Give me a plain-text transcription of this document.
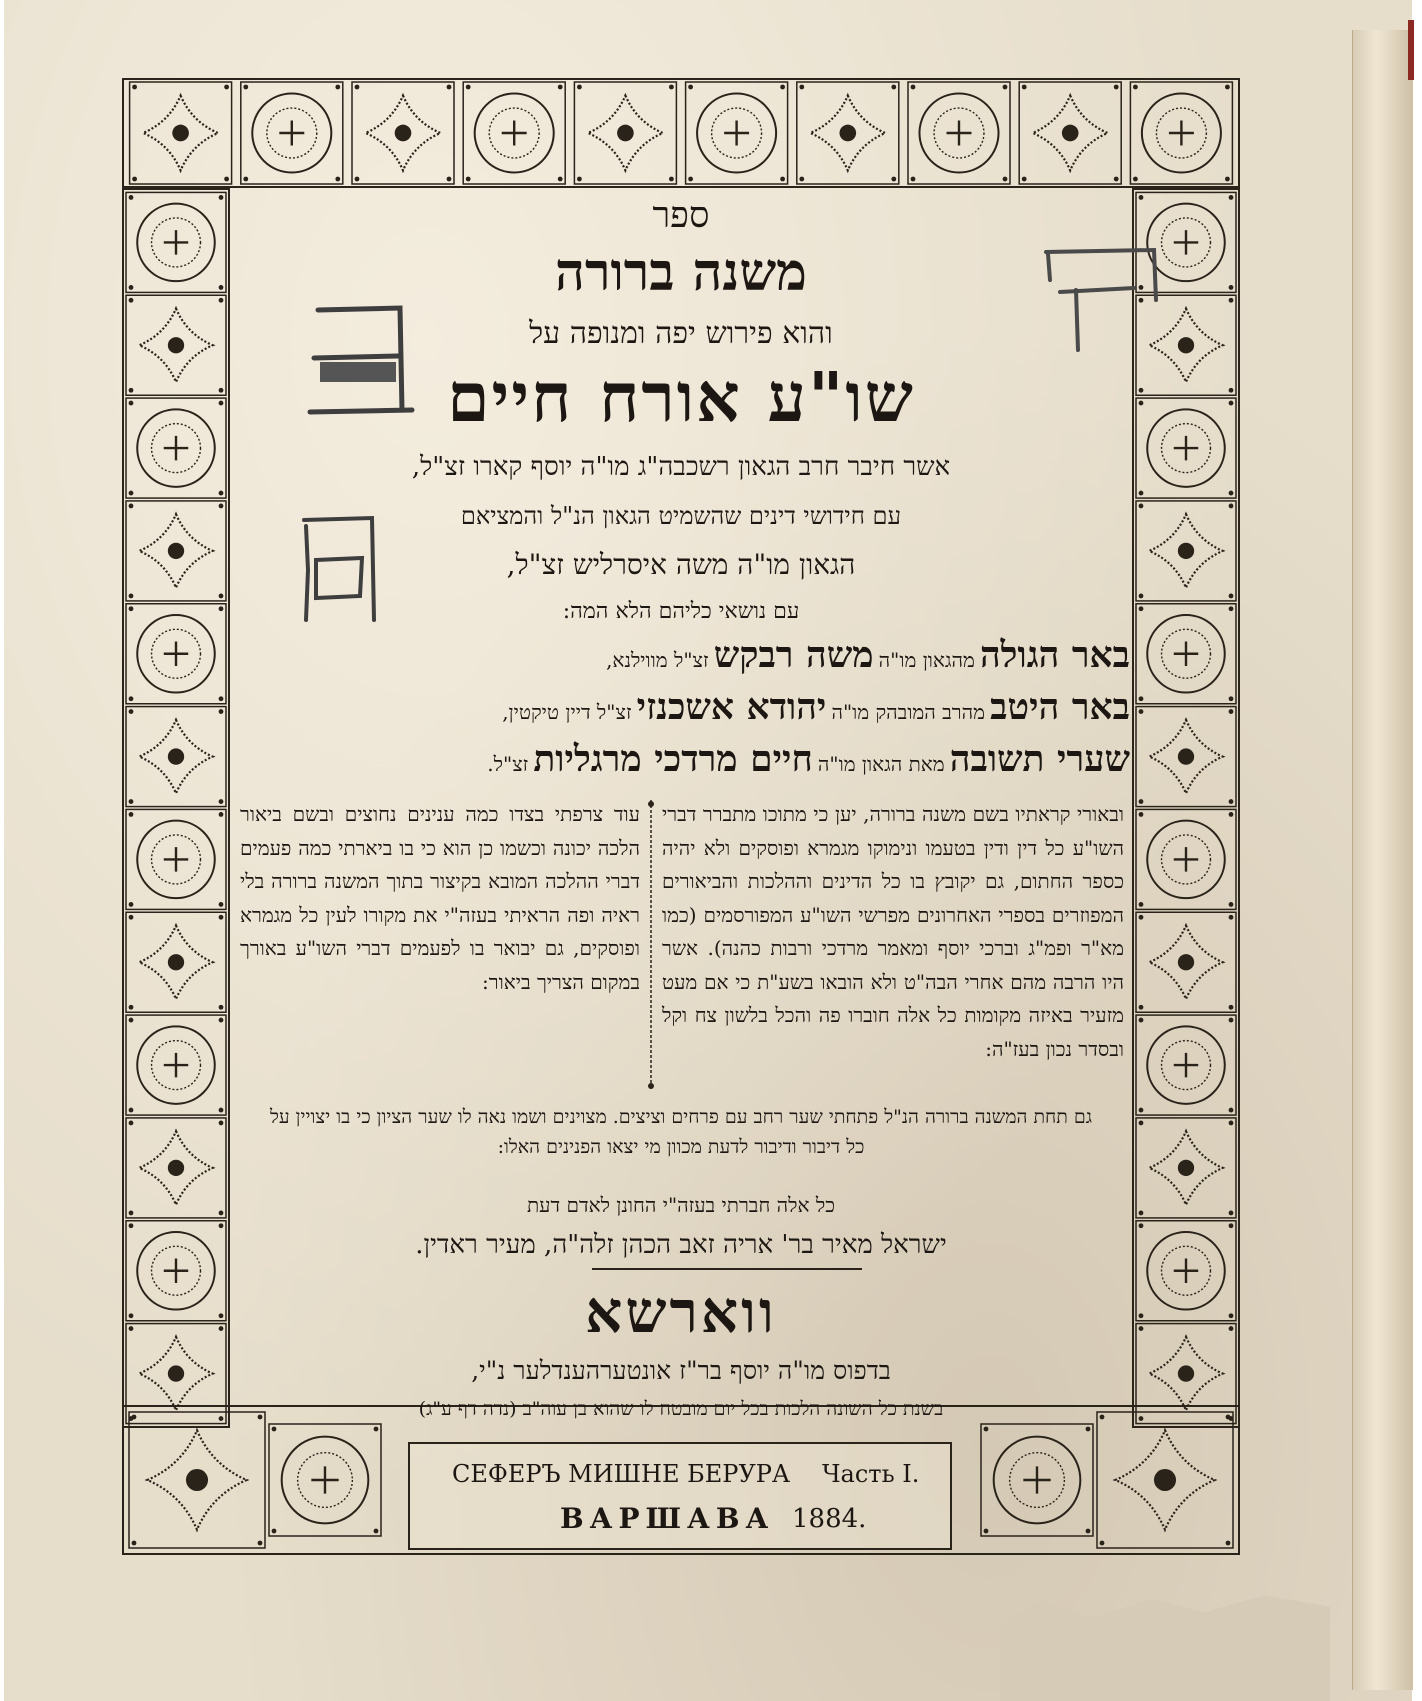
ספר
משנה ברורה
והוא פירוש יפה ומנופה על
שו"ע אורח חיים
אשר חיבר חרב הגאון רשכבה"ג מו"ה יוסף קארו זצ"ל,
עם חידושי דינים שהשמיט הגאון הנ"ל והמציאם
הגאון מו"ה משה איסרליש זצ"ל,
עם נושאי כליהם הלא המה:
באר הגולה מהגאון מו"ה משה רבקש זצ"ל מווילנא,
באר היטב מהרב המובהק מו"ה יהודא אשכנזי זצ"ל דיין טיקטין,
שערי תשובה מאת הגאון מו"ה חיים מרדכי מרגליות זצ"ל.
ובאורי קראתיו בשם משנה ברורה, יען כי מתוכו מתברר דברי השו"ע כל דין ודין בטעמו ונימוקו מגמרא ופוסקים ולא יהיה כספר החתום, גם יקובץ בו כל הדינים וההלכות והביאורים המפוזרים בספרי האחרונים מפרשי השו"ע המפורסמים (כמו מא"ר ופמ"ג וברכי יוסף ומאמר מרדכי ורבות כהנה). אשר היו הרבה מהם אחרי הבה"ט ולא הובאו בשע"ת כי אם מעט מזעיר באיזה מקומות כל אלה חוברו פה והכל בלשון צח וקל ובסדר נכון בעז"ה:
עוד צרפתי בצדו כמה ענינים נחוצים ובשם ביאור הלכה יכונה וכשמו כן הוא כי בו ביארתי כמה פעמים דברי ההלכה המובא בקיצור בתוך המשנה ברורה בלי ראיה ופה הראיתי בעזה"י את מקורו לעין כל מגמרא ופוסקים, גם יבואר בו לפעמים דברי השו"ע באורך במקום הצריך ביאור:
גם תחת המשנה ברורה הנ"ל פתחתי שער רחב עם פרחים וציצים. מצוינים ושמו נאה לו שער הציון כי בו יצויין על
כל דיבור ודיבור לדעת מכוון מי יצאו הפנינים האלו:
כל אלה חברתי בעזה"י החונן לאדם דעת
ישראל מאיר בר' אריה זאב הכהן זלה"ה, מעיר ראדין.
ווארשא
בדפוס מו"ה יוסף בר"ז אונטערהענדלער נ"י,
בשנת כל השונה הלכות בכל יום מובטח לו שהוא בן עוה"ב (נדה דף ע"ג)
СЕФЕРЪ МИШНЕ БЕРУРА Часть I.
ВАРШАВА 1884.
